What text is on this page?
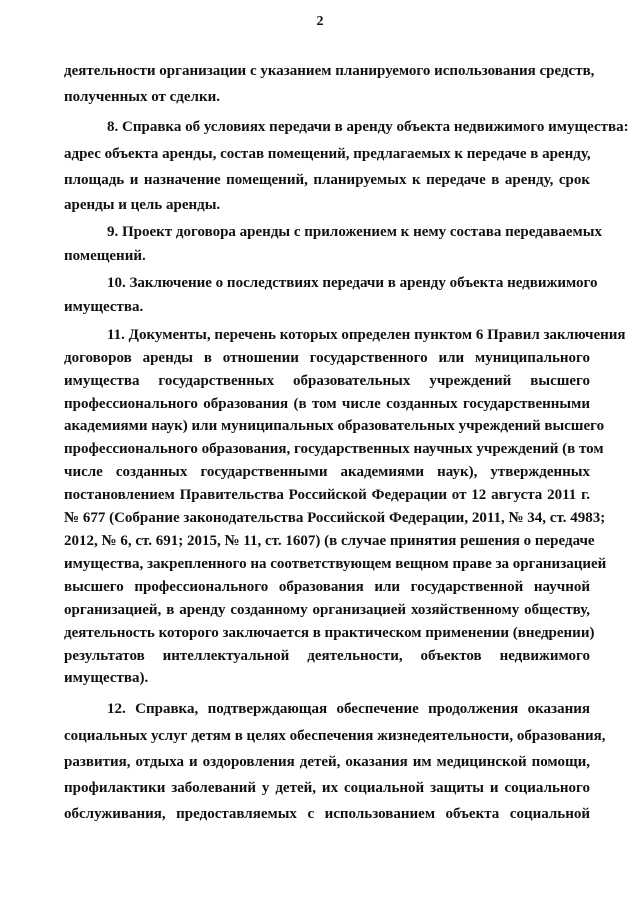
2
деятельности организации с указанием планируемого использования средств,
полученных от сделки.
8. Справка об условиях передачи в аренду объекта недвижимого имущества:
адрес объекта аренды, состав помещений, предлагаемых к передаче в аренду,
площадь и назначение помещений, планируемых к передаче в аренду, срок
аренды и цель аренды.
9. Проект договора аренды с приложением к нему состава передаваемых
помещений.
10. Заключение о последствиях передачи в аренду объекта недвижимого
имущества.
11. Документы, перечень которых определен пунктом 6 Правил заключения
договоров аренды в отношении государственного или муниципального
имущества государственных образовательных учреждений высшего
профессионального образования (в том числе созданных государственными
академиями наук) или муниципальных образовательных учреждений высшего
профессионального образования, государственных научных учреждений (в том
числе созданных государственными академиями наук), утвержденных
постановлением Правительства Российской Федерации от 12 августа 2011 г.
№ 677 (Собрание законодательства Российской Федерации, 2011, № 34, ст. 4983;
2012, № 6, ст. 691; 2015, № 11, ст. 1607) (в случае принятия решения о передаче
имущества, закрепленного на соответствующем вещном праве за организацией
высшего профессионального образования или государственной научной
организацией, в аренду созданному организацией хозяйственному обществу,
деятельность которого заключается в практическом применении (внедрении)
результатов интеллектуальной деятельности, объектов недвижимого
имущества).
12. Справка, подтверждающая обеспечение продолжения оказания
социальных услуг детям в целях обеспечения жизнедеятельности, образования,
развития, отдыха и оздоровления детей, оказания им медицинской помощи,
профилактики заболеваний у детей, их социальной защиты и социального
обслуживания, предоставляемых с использованием объекта социальной
